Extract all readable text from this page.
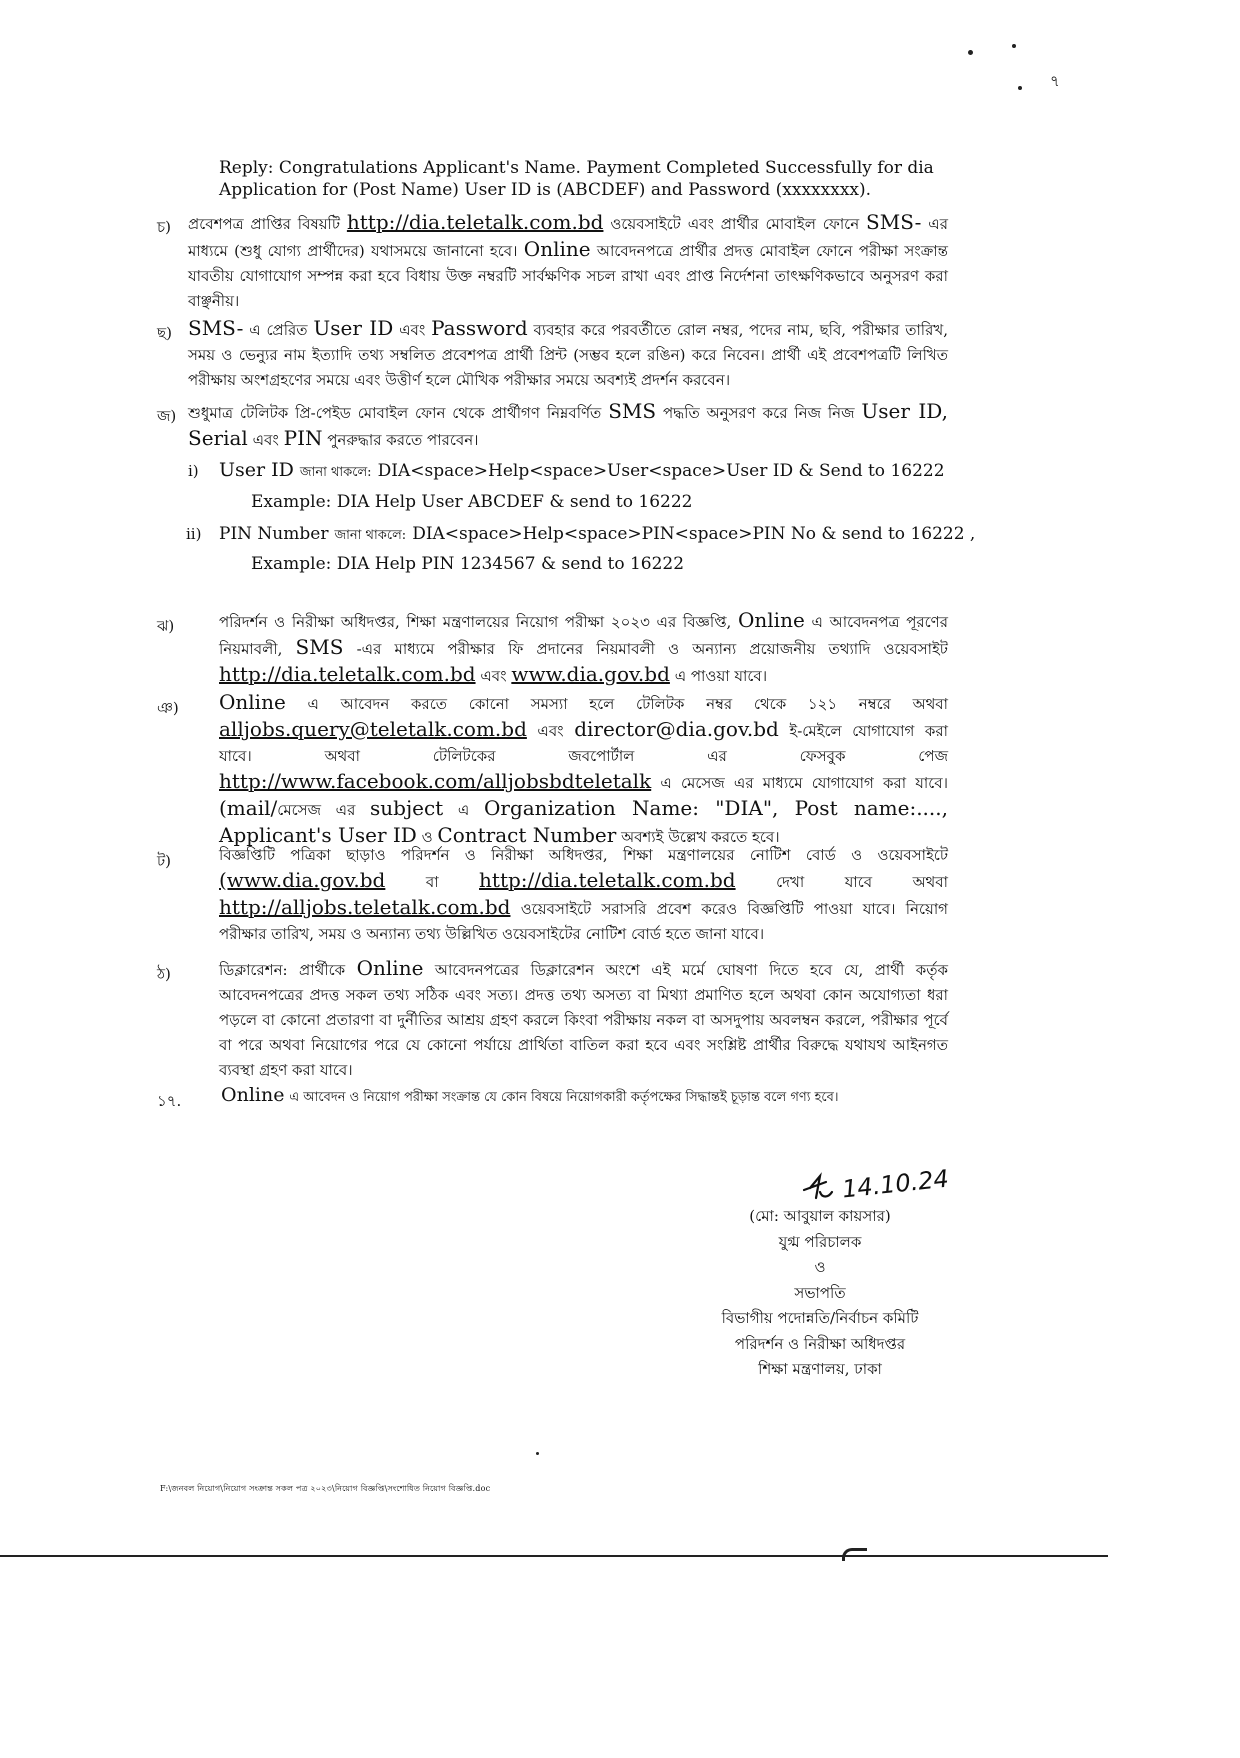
৭
Reply: Congratulations Applicant's Name. Payment Completed Successfully for dia
Application for (Post Name) User ID is (ABCDEF) and Password (xxxxxxxx).
চ) প্রবেশপত্র প্রাপ্তির বিষয়টি http://dia.teletalk.com.bd ওয়েবসাইটে এবং প্রার্থীর মোবাইল ফোনে SMS- এর মাধ্যমে (শুধু যোগ্য প্রার্থীদের) যথাসময়ে জানানো হবে। Online আবেদনপত্রে প্রার্থীর প্রদত্ত মোবাইল ফোনে পরীক্ষা সংক্রান্ত যাবতীয় যোগাযোগ সম্পন্ন করা হবে বিধায় উক্ত নম্বরটি সার্বক্ষণিক সচল রাখা এবং প্রাপ্ত নির্দেশনা তাৎক্ষণিকভাবে অনুসরণ করা বাঞ্ছনীয়।
ছ) SMS- এ প্রেরিত User ID এবং Password ব্যবহার করে পরবর্তীতে রোল নম্বর, পদের নাম, ছবি, পরীক্ষার তারিখ, সময় ও ভেন্যুর নাম ইত্যাদি তথ্য সম্বলিত প্রবেশপত্র প্রার্থী প্রিন্ট (সম্ভব হলে রঙিন) করে নিবেন। প্রার্থী এই প্রবেশপত্রটি লিখিত পরীক্ষায় অংশগ্রহণের সময়ে এবং উত্তীর্ণ হলে মৌখিক পরীক্ষার সময়ে অবশ্যই প্রদর্শন করবেন।
জ) শুধুমাত্র টেলিটক প্রি-পেইড মোবাইল ফোন থেকে প্রার্থীগণ নিম্নবর্ণিত SMS পদ্ধতি অনুসরণ করে নিজ নিজ User ID, Serial এবং PIN পুনরুদ্ধার করতে পারবেন।
i) User ID জানা থাকলে: DIA<space>Help<space>User<space>User ID & Send to 16222
Example: DIA Help User ABCDEF & send to 16222
ii) PIN Number জানা থাকলে: DIA<space>Help<space>PIN<space>PIN No & send to 16222 ,
Example: DIA Help PIN 1234567 & send to 16222
ঝ)	পরিদর্শন ও নিরীক্ষা অধিদপ্তর, শিক্ষা মন্ত্রণালয়ের নিয়োগ পরীক্ষা ২০২৩ এর বিজ্ঞপ্তি, Online এ আবেদনপত্র পূরণের নিয়মাবলী, SMS -এর মাধ্যমে পরীক্ষার ফি প্রদানের নিয়মাবলী ও অন্যান্য প্রয়োজনীয় তথ্যাদি ওয়েবসাইট http://dia.teletalk.com.bd এবং www.dia.gov.bd এ পাওয়া যাবে।
ঞ) Online এ আবেদন করতে কোনো সমস্যা হলে টেলিটক নম্বর থেকে ১২১ নম্বরে অথবা alljobs.query@teletalk.com.bd এবং director@dia.gov.bd ই-মেইলে যোগাযোগ করা যাবে। অথবা টেলিটকের জবপোর্টাল এর ফেসবুক পেজ http://www.facebook.com/alljobsbdteletalk এ মেসেজ এর মাধ্যমে যোগাযোগ করা যাবে। (mail/মেসেজ এর subject এ Organization Name: "DIA", Post name:...., Applicant's User ID ও Contract Number অবশ্যই উল্লেখ করতে হবে।
ট)	বিজ্ঞপ্তিটি পত্রিকা ছাড়াও পরিদর্শন ও নিরীক্ষা অধিদপ্তর, শিক্ষা মন্ত্রণালয়ের নোটিশ বোর্ড ও ওয়েবসাইটে (www.dia.gov.bd	বা http://dia.teletalk.com.bd	দেখা যাবে অথবা http://alljobs.teletalk.com.bd ওয়েবসাইটে সরাসরি প্রবেশ করেও বিজ্ঞপ্তিটি পাওয়া যাবে। নিয়োগ পরীক্ষার তারিখ, সময় ও অন্যান্য তথ্য উল্লিখিত ওয়েবসাইটের নোটিশ বোর্ড হতে জানা যাবে।
ঠ)	ডিক্লারেশন: প্রার্থীকে Online আবেদনপত্রের ডিক্লারেশন অংশে এই মর্মে ঘোষণা দিতে হবে যে, প্রার্থী কর্তৃক আবেদনপত্রের প্রদত্ত সকল তথ্য সঠিক এবং সত্য। প্রদত্ত তথ্য অসত্য বা মিথ্যা প্রমাণিত হলে অথবা কোন অযোগ্যতা ধরা পড়লে বা কোনো প্রতারণা বা দুর্নীতির আশ্রয় গ্রহণ করলে কিংবা পরীক্ষায় নকল বা অসদুপায় অবলম্বন করলে, পরীক্ষার পূর্বে বা পরে অথবা নিয়োগের পরে যে কোনো পর্যায়ে প্রার্থিতা বাতিল করা হবে এবং সংশ্লিষ্ট প্রার্থীর বিরুদ্ধে যথাযথ আইনগত ব্যবস্থা গ্রহণ করা যাবে।
১৭. Online এ আবেদন ও নিয়োগ পরীক্ষা সংক্রান্ত যে কোন বিষয়ে নিয়োগকারী কর্তৃপক্ষের সিদ্ধান্তই চূড়ান্ত বলে গণ্য হবে।
14.10.24
(মো: আবুয়াল কায়সার)
যুগ্ম পরিচালক
ও
সভাপতি
বিভাগীয় পদোন্নতি/নির্বাচন কমিটি
পরিদর্শন ও নিরীক্ষা অধিদপ্তর
শিক্ষা মন্ত্রণালয়, ঢাকা
F:\জনবল নিয়োগ\নিয়োগ সংক্রান্ত সকল পত্র ২০২৩\নিয়োগ বিজ্ঞপ্তি\সংশোধিত নিয়োগ বিজ্ঞপ্তি.doc
